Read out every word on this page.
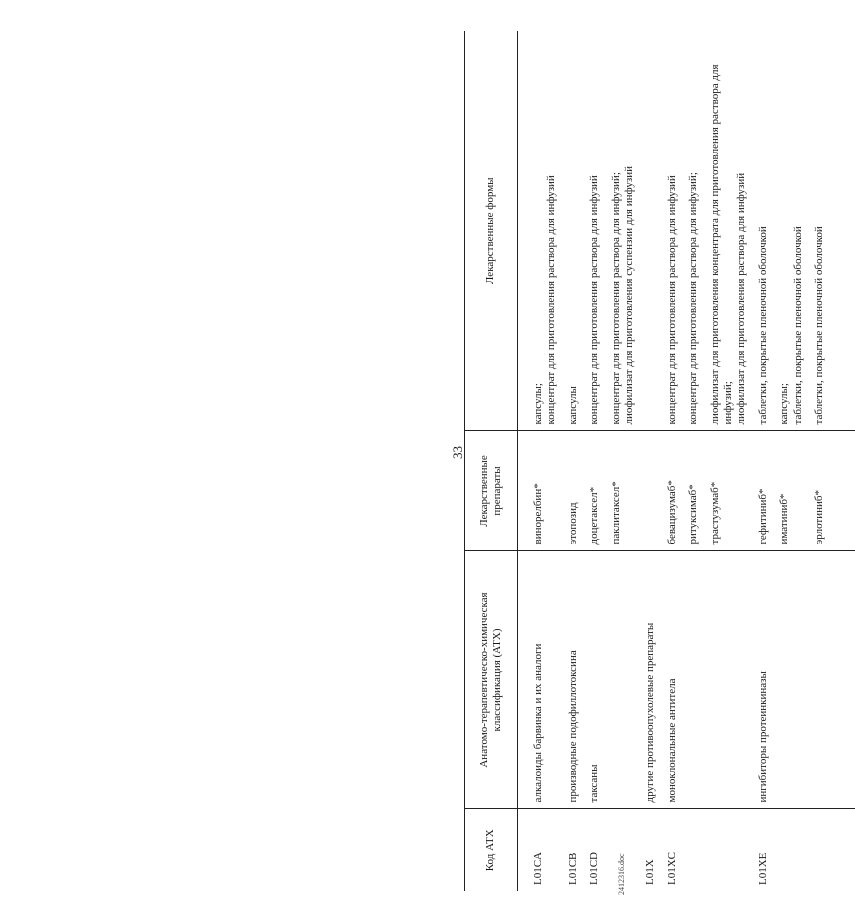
33
Код АТХ	Анатомо-терапевтическо-химическая классификация (АТХ)	Лекарственные препараты	Лекарственные формы
L01CA	алкалоиды барвинка и их аналоги	винорелбин*	капсулы; концентрат для приготовления раствора для инфузий

L01CB	производные подофиллотоксина	этопозид	капсулы

L01CD	таксаны	доцетаксел*	концентрат для приготовления раствора для инфузий

		паклитаксел*	концентрат для приготовления раствора для инфузий; лиофилизат для приготовления суспензии для инфузий

L01X	другие противоопухолевые препараты		
L01XC	моноклональные антитела	бевацизумаб*	концентрат для приготовления раствора для инфузий

		ритуксимаб*	концентрат для приготовления раствора для инфузий;

		трастузумаб*	лиофилизат для приготовления концентрата для приготовления раствора для инфузий; лиофилизат для приготовления раствора для инфузий

L01XE	ингибиторы протеинкиназы	гефитиниб*	таблетки, покрытые пленочной оболочкой

		иматиниб*	капсулы; таблетки, покрытые пленочной оболочкой

		эрлотиниб*	таблетки, покрытые пленочной оболочкой
2412316.doc
